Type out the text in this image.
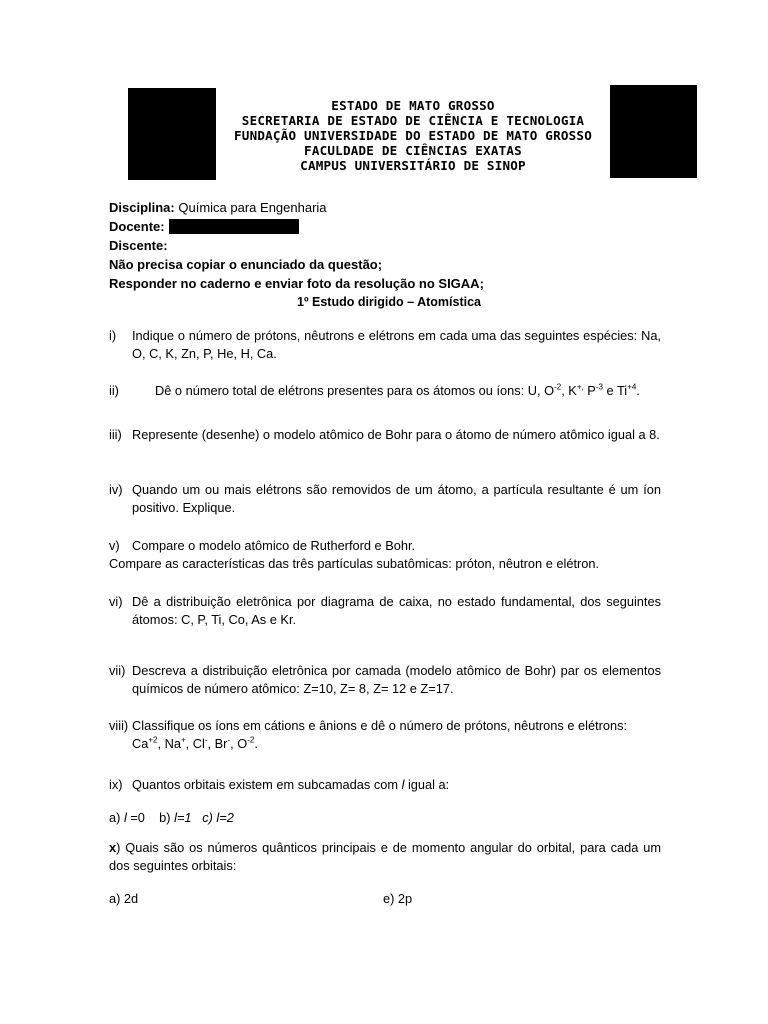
ESTADO DE MATO GROSSO
SECRETARIA DE ESTADO DE CIÊNCIA E TECNOLOGIA
FUNDAÇÃO UNIVERSIDADE DO ESTADO DE MATO GROSSO
FACULDADE DE CIÊNCIAS EXATAS
CAMPUS UNIVERSITÁRIO DE SINOP
Disciplina: Química para Engenharia
Docente:
Discente:
Não precisa copiar o enunciado da questão;
Responder no caderno e enviar foto da resolução no SIGAA;
1º Estudo dirigido – Atomística
i) Indique o número de prótons, nêutrons e elétrons em cada uma das seguintes espécies: Na, O, C, K, Zn, P, He, H, Ca.
ii)	Dê o número total de elétrons presentes para os átomos ou íons: U, $O^{-2}$, K+, $P^{-3}$ e $Ti^{+4}$.
iii) Represente (desenhe) o modelo atômico de Bohr para o átomo de número atômico igual a 8.
iv) Quando um ou mais elétrons são removidos de um átomo, a partícula resultante é um íon positivo. Explique.
v) Compare o modelo atômico de Rutherford e Bohr.
Compare as características das três partículas subatômicas: próton, nêutron e elétron.
vi) Dê a distribuição eletrônica por diagrama de caixa, no estado fundamental, dos seguintes átomos: C, P, Ti, Co, As e Kr.
vii) Descreva a distribuição eletrônica por camada (modelo atômico de Bohr) par os elementos químicos de número atômico: Z=10, Z= 8, Z= 12 e Z=17.
viii) Classifique os íons em cátions e ânions e dê o número de prótons, nêutrons e elétrons:
$Ca^{+2}$, Na+, Cl-, Br-, $O^{-2}$.
ix) Quantos orbitais existem em subcamadas com l igual a:
a) l =0 b) l=1 c) l=2
x) Quais são os números quânticos principais e de momento angular do orbital, para cada um dos seguintes orbitais:
a) 2d	e) 2p
